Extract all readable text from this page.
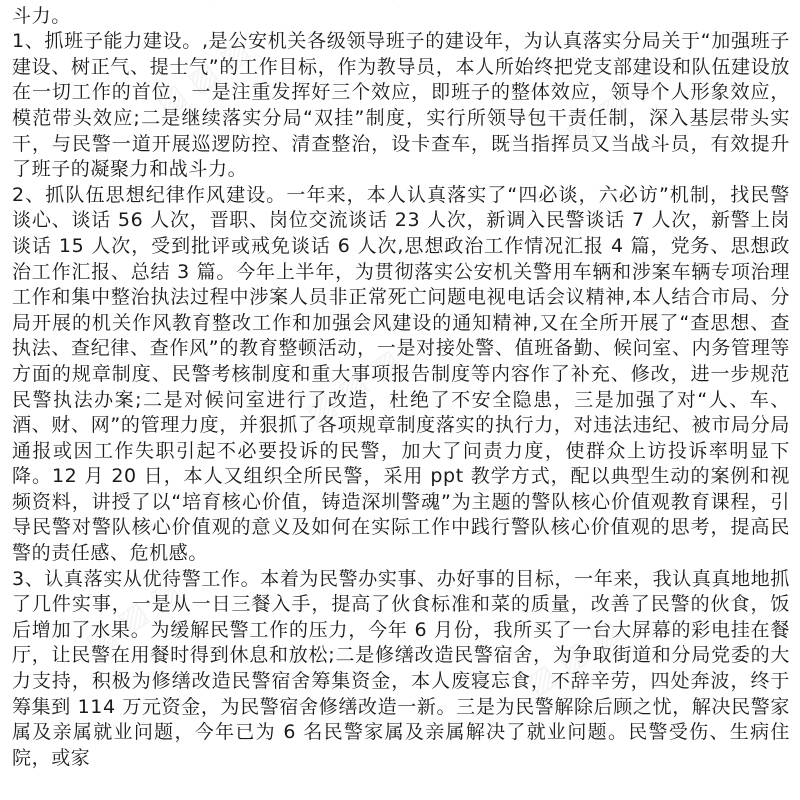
▨ ▨ ▨	▨ ▨ ▨
▨ ▨ ▨
▨ ▨ ▨	▨ ▨ ▨

斗力。

1、抓班子能力建设。,是公安机关各级领导班子的建设年，为认真落实分局关于“加强班子建设、树正气、提士气”的工作目标，作为教导员，本人所始终把党支部建设和队伍建设放在一切工作的首位，一是注重发挥好三个效应，即班子的整体效应，领导个人形象效应，模范带头效应;二是继续落实分局“双挂”制度，实行所领导包干责任制，深入基层带头实干，与民警一道开展巡逻防控、清查整治，设卡查车，既当指挥员又当战斗员，有效提升了班子的凝聚力和战斗力。

2、抓队伍思想纪律作风建设。一年来，本人认真落实了“四必谈，六必访”机制，找民警谈心、谈话 56 人次，晋职、岗位交流谈话 23 人次，新调入民警谈话 7 人次，新警上岗谈话 15 人次，受到批评或戒免谈话 6 人次,思想政治工作情况汇报 4 篇，党务、思想政治工作汇报、总结 3 篇。今年上半年，为贯彻落实公安机关警用车辆和涉案车辆专项治理工作和集中整治执法过程中涉案人员非正常死亡问题电视电话会议精神,本人结合市局、分局开展的机关作风教育整改工作和加强会风建设的通知精神,又在全所开展了“查思想、查执法、查纪律、查作风”的教育整顿活动，一是对接处警、值班备勤、候问室、内务管理等方面的规章制度、民警考核制度和重大事项报告制度等内容作了补充、修改，进一步规范民警执法办案;二是对候问室进行了改造，杜绝了不安全隐患，三是加强了对“人、车、酒、财、网”的管理力度，并狠抓了各项规章制度落实的执行力，对违法违纪、被市局分局通报或因工作失职引起不必要投诉的民警，加大了问责力度，使群众上访投诉率明显下降。12 月 20 日，本人又组织全所民警，采用 ppt 教学方式，配以典型生动的案例和视频资料，讲授了以“培育核心价值，铸造深圳警魂”为主题的警队核心价值观教育课程，引导民警对警队核心价值观的意义及如何在实际工作中践行警队核心价值观的思考，提高民警的责任感、危机感。

3、认真落实从优待警工作。本着为民警办实事、办好事的目标，一年来，我认真真地地抓了几件实事，一是从一日三餐入手，提高了伙食标准和菜的质量，改善了民警的伙食，饭后增加了水果。为缓解民警工作的压力，今年 6 月份，我所买了一台大屏幕的彩电挂在餐厅，让民警在用餐时得到休息和放松;二是修缮改造民警宿舍，为争取街道和分局党委的大力支持，积极为修缮改造民警宿舍筹集资金，本人废寝忘食，不辞辛劳，四处奔波，终于筹集到 114 万元资金，为民警宿舍修缮改造一新。三是为民警解除后顾之忧，解决民警家属及亲属就业问题，今年已为 6 名民警家属及亲属解决了就业问题。民警受伤、生病住院，或家
